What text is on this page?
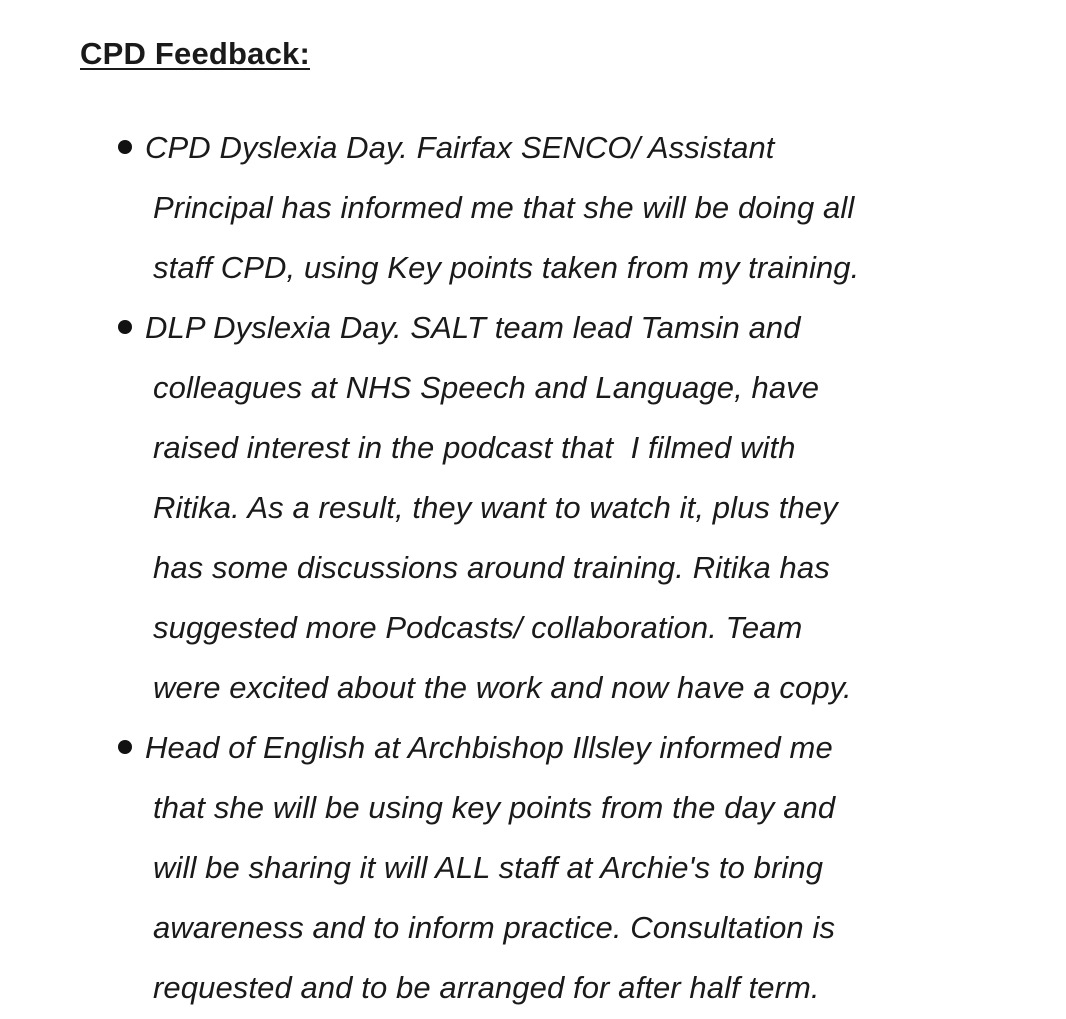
CPD Feedback:
CPD Dyslexia Day. Fairfax SENCO/ Assistant
Principal has informed me that she will be doing all
staff CPD, using Key points taken from my training.
DLP Dyslexia Day. SALT team lead Tamsin and
colleagues at NHS Speech and Language, have
raised interest in the podcast that  I filmed with
Ritika. As a result, they want to watch it, plus they
has some discussions around training. Ritika has
suggested more Podcasts/ collaboration. Team
were excited about the work and now have a copy.
Head of English at Archbishop Illsley informed me
that she will be using key points from the day and
will be sharing it will ALL staff at Archie's to bring
awareness and to inform practice. Consultation is
requested and to be arranged for after half term.
